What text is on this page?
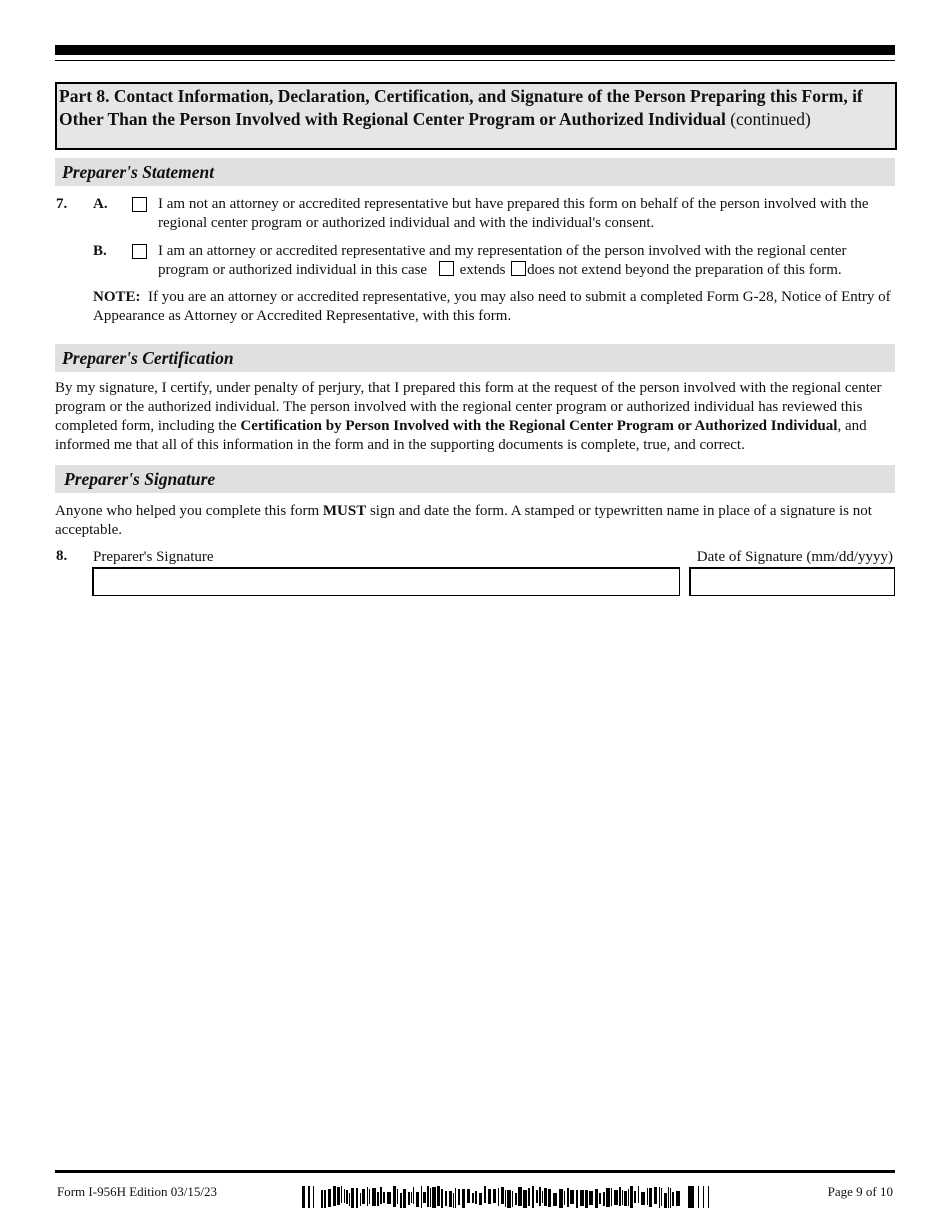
Part 8. Contact Information, Declaration, Certification, and Signature of the Person Preparing this Form, if Other Than the Person Involved with Regional Center Program or Authorized Individual (continued)
Preparer's Statement
7. A.	I am not an attorney or accredited representative but have prepared this form on behalf of the person involved with the regional center program or authorized individual and with the individual's consent.
B.	I am an attorney or accredited representative and my representation of the person involved with the regional center program or authorized individual in this case extends does not extend beyond the preparation of this form.
NOTE: If you are an attorney or accredited representative, you may also need to submit a completed Form G-28, Notice of Entry of Appearance as Attorney or Accredited Representative, with this form.
Preparer's Certification
By my signature, I certify, under penalty of perjury, that I prepared this form at the request of the person involved with the regional center program or the authorized individual. The person involved with the regional center program or authorized individual has reviewed this completed form, including the Certification by Person Involved with the Regional Center Program or Authorized Individual, and informed me that all of this information in the form and in the supporting documents is complete, true, and correct.
Preparer's Signature
Anyone who helped you complete this form MUST sign and date the form. A stamped or typewritten name in place of a signature is not acceptable.
8. Preparer's Signature	Date of Signature (mm/dd/yyyy)
Form I-956H Edition 03/15/23	Page 9 of 10
